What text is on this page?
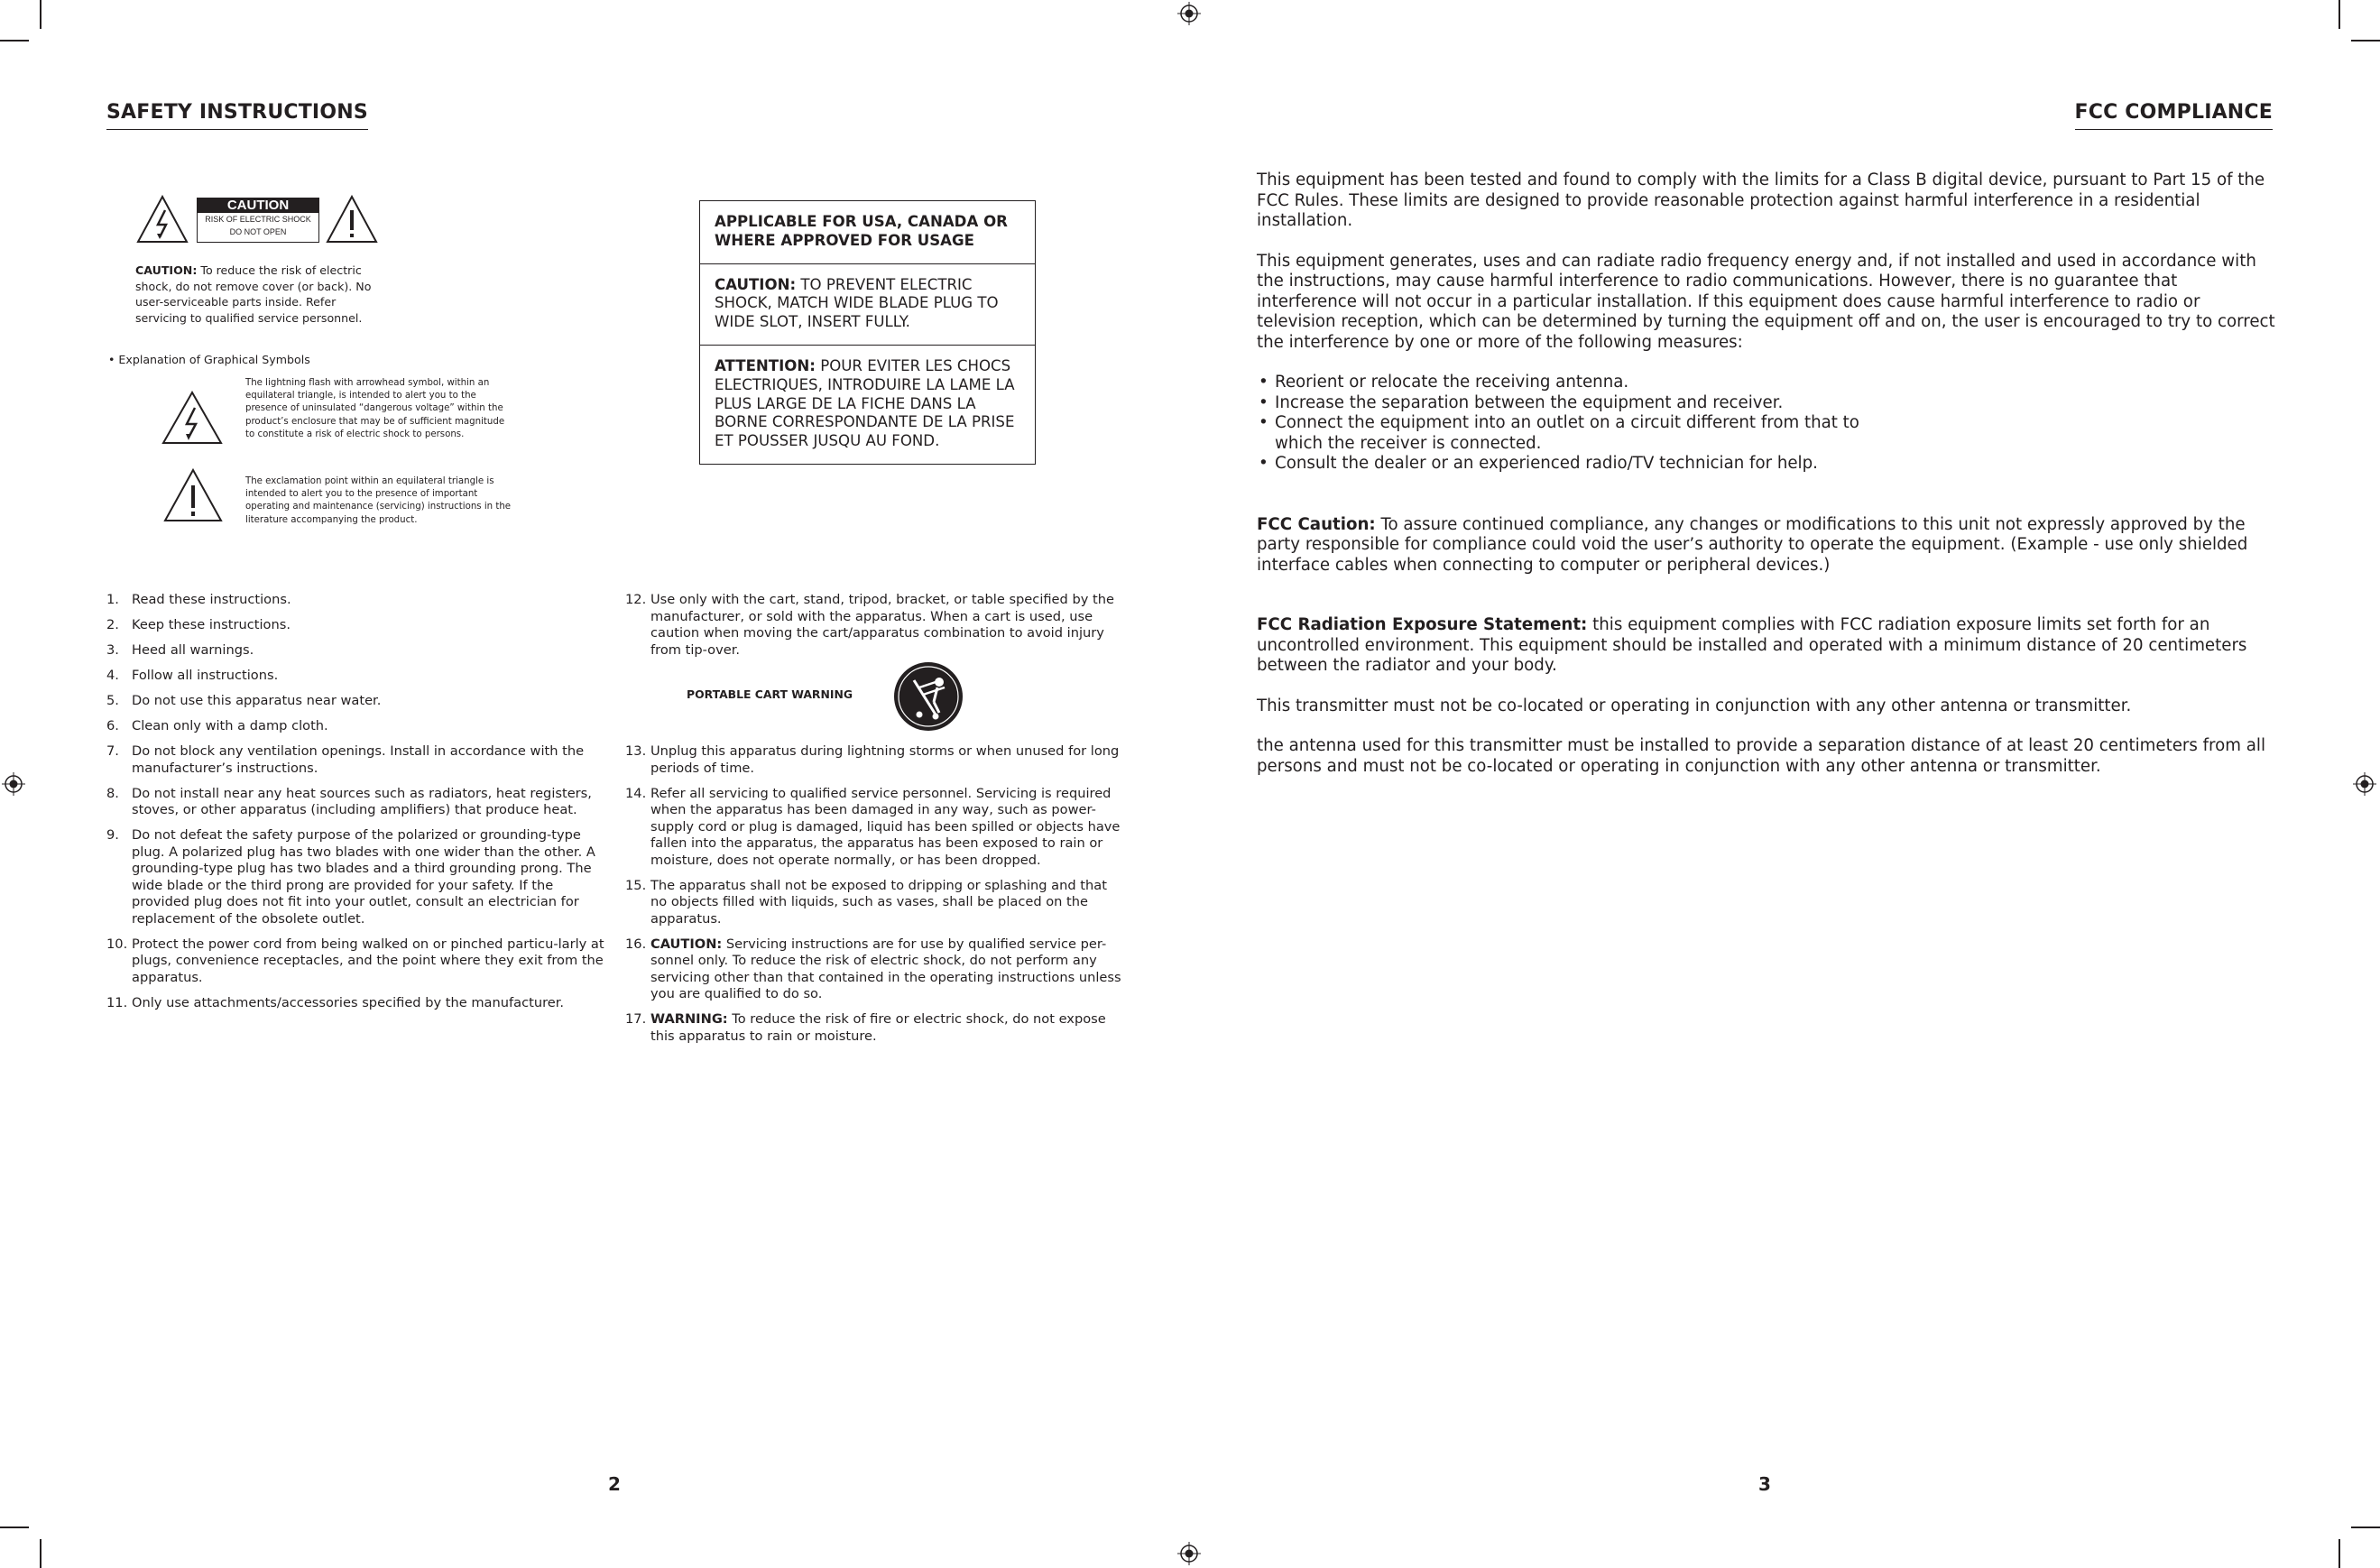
SAFETY INSTRUCTIONS
CAUTION
RISK OF ELECTRIC SHOCK
DO NOT OPEN
CAUTION: To reduce the risk of electric shock, do not remove cover (or back). No user-serviceable parts inside. Refer servicing to qualified service personnel.
• Explanation of Graphical Symbols
The lightning flash with arrowhead symbol, within an equilateral triangle, is intended to alert you to the presence of uninsulated “dangerous voltage” within the product’s enclosure that may be of sufficient magnitude to constitute a risk of electric shock to persons.
The exclamation point within an equilateral triangle is intended to alert you to the presence of important operating and maintenance (servicing) instructions in the literature accompanying the product.
APPLICABLE FOR USA, CANADA OR WHERE APPROVED FOR USAGE
CAUTION: TO PREVENT ELECTRIC SHOCK, MATCH WIDE BLADE PLUG TO WIDE SLOT, INSERT FULLY.
ATTENTION: POUR EVITER LES CHOCS ELECTRIQUES, INTRODUIRE LA LAME LA PLUS LARGE DE LA FICHE DANS LA BORNE CORRESPONDANTE DE LA PRISE ET POUSSER JUSQU AU FOND.
1. Read these instructions.
2. Keep these instructions.
3. Heed all warnings.
4. Follow all instructions.
5. Do not use this apparatus near water.
6. Clean only with a damp cloth.
7. Do not block any ventilation openings. Install in accordance with the manufacturer’s instructions.
8. Do not install near any heat sources such as radiators, heat registers, stoves, or other apparatus (including amplifiers) that produce heat.
9. Do not defeat the safety purpose of the polarized or grounding-type plug. A polarized plug has two blades with one wider than the other. A grounding-type plug has two blades and a third grounding prong. The wide blade or the third prong are provided for your safety. If the provided plug does not fit into your outlet, consult an electrician for replacement of the obsolete outlet.
10. Protect the power cord from being walked on or pinched particu-larly at plugs, convenience receptacles, and the point where they exit from the apparatus.
11. Only use attachments/accessories specified by the manufacturer.
12. Use only with the cart, stand, tripod, bracket, or table specified by the manufacturer, or sold with the apparatus. When a cart is used, use caution when moving the cart/apparatus combination to avoid injury from tip-over.
PORTABLE CART WARNING
13. Unplug this apparatus during lightning storms or when unused for long periods of time.
14. Refer all servicing to qualified service personnel. Servicing is required when the apparatus has been damaged in any way, such as power-supply cord or plug is damaged, liquid has been spilled or objects have fallen into the apparatus, the apparatus has been exposed to rain or moisture, does not operate normally, or has been dropped.
15. The apparatus shall not be exposed to dripping or splashing and that no objects filled with liquids, such as vases, shall be placed on the apparatus.
16. CAUTION: Servicing instructions are for use by qualified service per-sonnel only. To reduce the risk of electric shock, do not perform any servicing other than that contained in the operating instructions unless you are qualified to do so.
17. WARNING: To reduce the risk of fire or electric shock, do not expose this apparatus to rain or moisture.
2
FCC COMPLIANCE

This equipment has been tested and found to comply with the limits for a Class B digital device, pursuant to Part 15 of the FCC Rules. These limits are designed to provide reasonable protection against harmful interference in a residential installation.

This equipment generates, uses and can radiate radio frequency energy and, if not installed and used in accordance with the instructions, may cause harmful interference to radio communications. However, there is no guarantee that interference will not occur in a particular installation. If this equipment does cause harmful interference to radio or television reception, which can be determined by turning the equipment off and on, the user is encouraged to try to correct the interference by one or more of the following measures:

• Reorient or relocate the receiving antenna.
• Increase the separation between the equipment and receiver.
• Connect the equipment into an outlet on a circuit different from that to which the receiver is connected.
• Consult the dealer or an experienced radio/TV technician for help.

FCC Caution: To assure continued compliance, any changes or modifications to this unit not expressly approved by the party responsible for compliance could void the user’s authority to operate the equipment. (Example - use only shielded interface cables when connecting to computer or peripheral devices.)

FCC Radiation Exposure Statement: this equipment complies with FCC radiation exposure limits set forth for an uncontrolled environment. This equipment should be installed and operated with a minimum distance of 20 centimeters between the radiator and your body.

This transmitter must not be co-located or operating in conjunction with any other antenna or transmitter.

the antenna used for this transmitter must be installed to provide a separation distance of at least 20 centimeters from all persons and must not be co-located or operating in conjunction with any other antenna or transmitter.

3
